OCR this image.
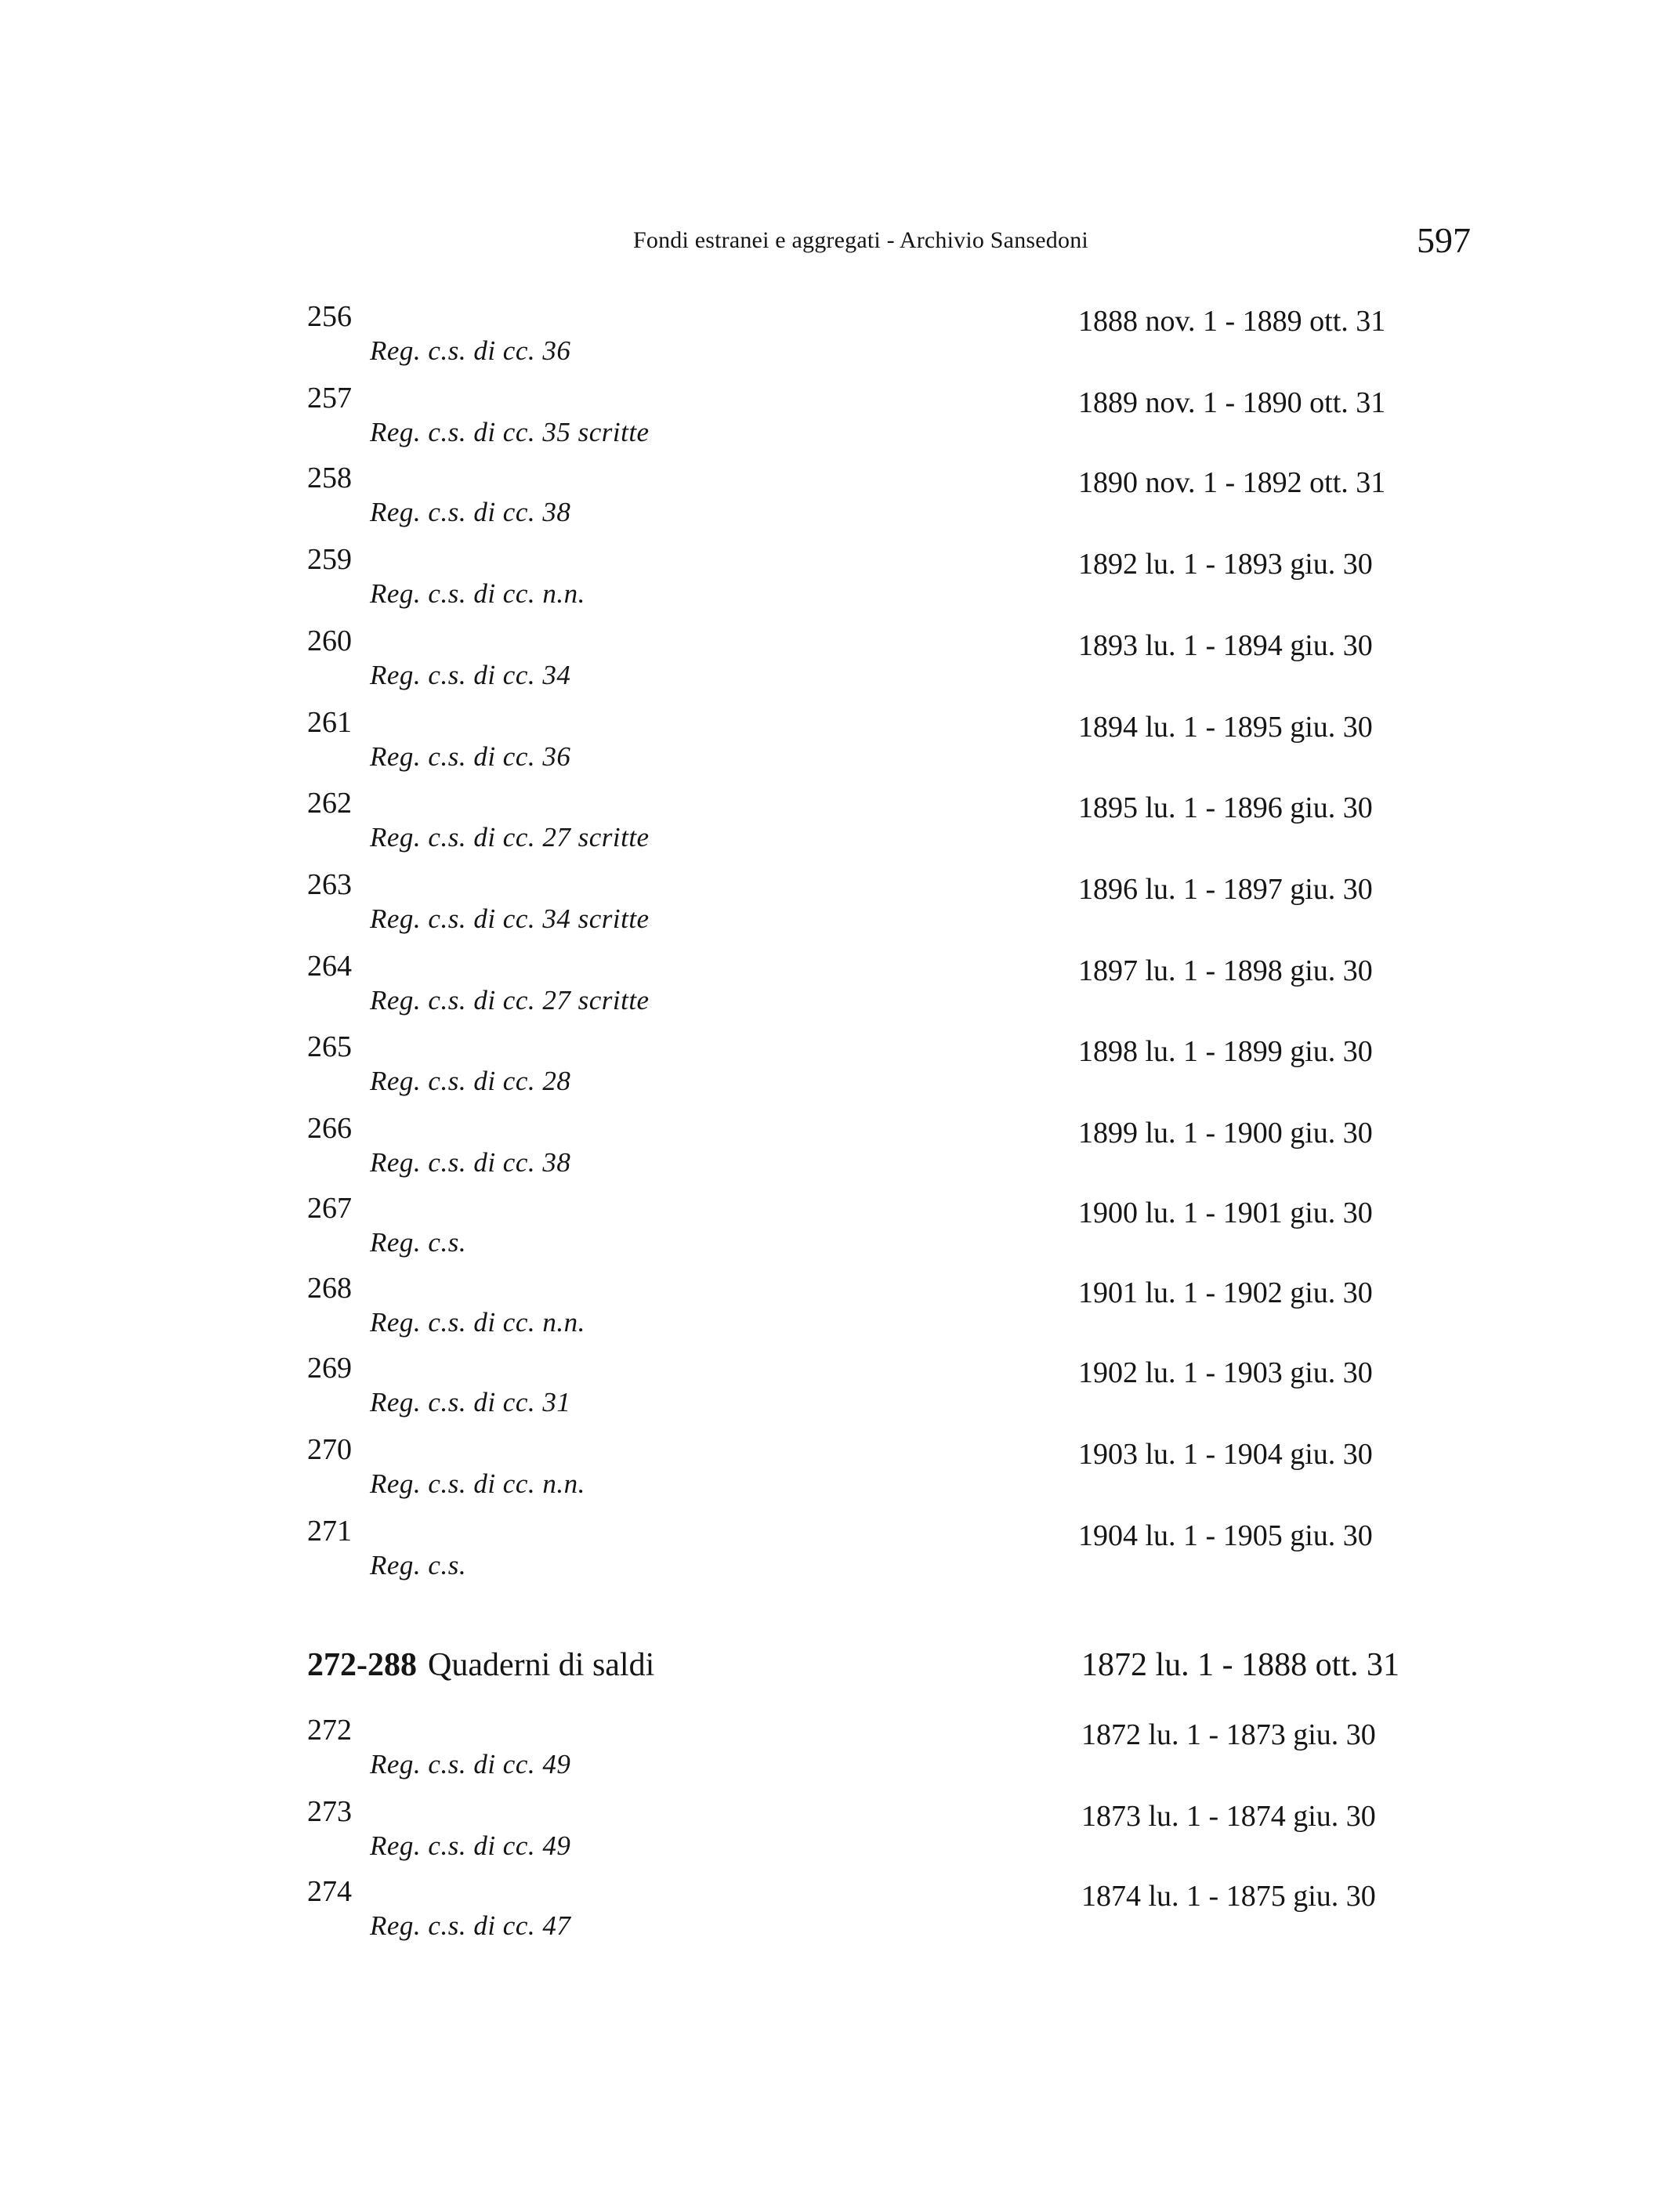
Fondi estranei e aggregati - Archivio Sansedoni	597
256
Reg. c.s. di cc. 36
1888 nov. 1 - 1889 ott. 31
257
Reg. c.s. di cc. 35 scritte
1889 nov. 1 - 1890 ott. 31
258
Reg. c.s. di cc. 38
1890 nov. 1 - 1892 ott. 31
259
Reg. c.s. di cc. n.n.
1892 lu. 1 - 1893 giu. 30
260
Reg. c.s. di cc. 34
1893 lu. 1 - 1894 giu. 30
261
Reg. c.s. di cc. 36
1894 lu. 1 - 1895 giu. 30
262
Reg. c.s. di cc. 27 scritte
1895 lu. 1 - 1896 giu. 30
263
Reg. c.s. di cc. 34 scritte
1896 lu. 1 - 1897 giu. 30
264
Reg. c.s. di cc. 27 scritte
1897 lu. 1 - 1898 giu. 30
265
Reg. c.s. di cc. 28
1898 lu. 1 - 1899 giu. 30
266
Reg. c.s. di cc. 38
1899 lu. 1 - 1900 giu. 30
267
Reg. c.s.
1900 lu. 1 - 1901 giu. 30
268
Reg. c.s. di cc. n.n.
1901 lu. 1 - 1902 giu. 30
269
Reg. c.s. di cc. 31
1902 lu. 1 - 1903 giu. 30
270
Reg. c.s. di cc. n.n.
1903 lu. 1 - 1904 giu. 30
271
Reg. c.s.
1904 lu. 1 - 1905 giu. 30
272-288 Quaderni di saldi	1872 lu. 1 - 1888 ott. 31
272
Reg. c.s. di cc. 49
1872 lu. 1 - 1873 giu. 30
273
Reg. c.s. di cc. 49
1873 lu. 1 - 1874 giu. 30
274
Reg. c.s. di cc. 47
1874 lu. 1 - 1875 giu. 30
